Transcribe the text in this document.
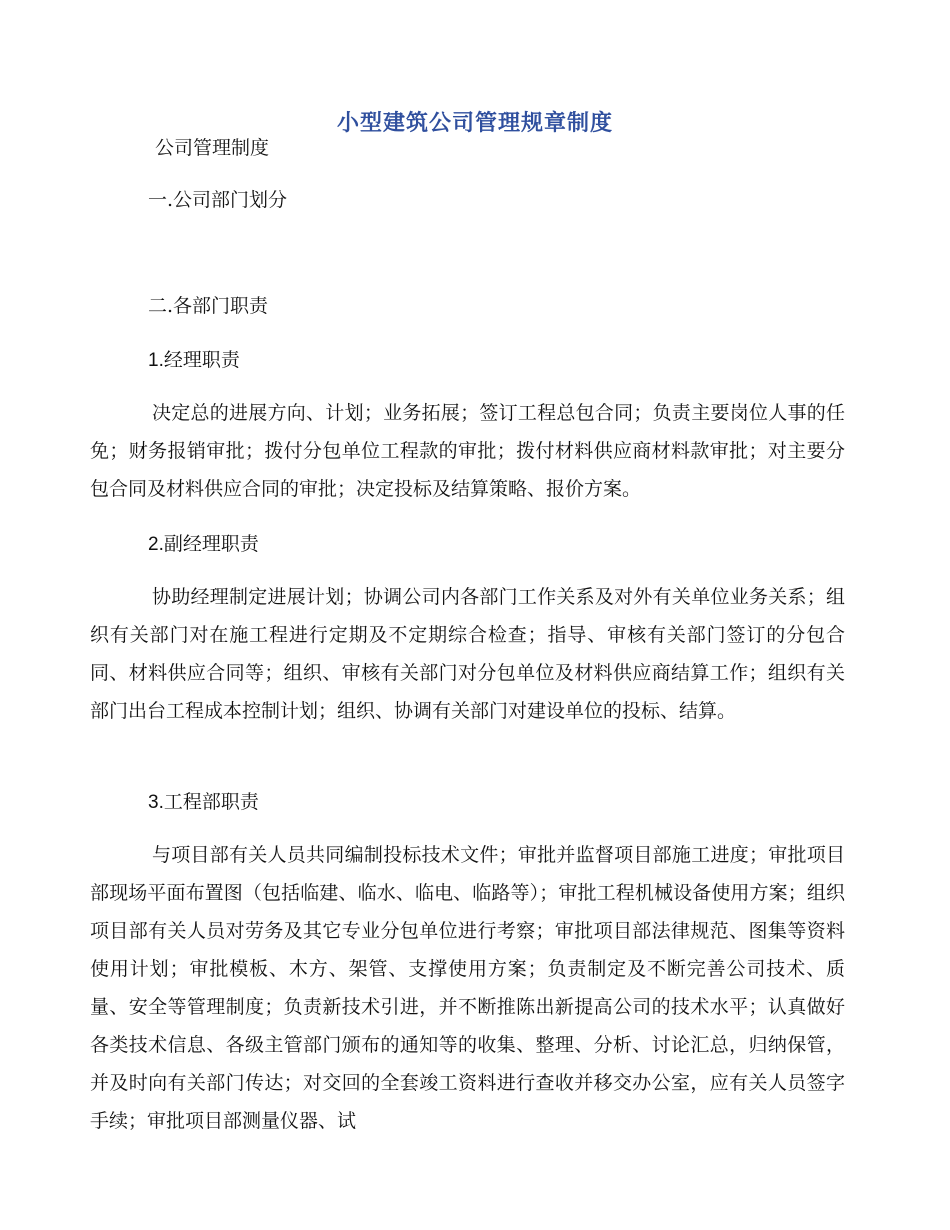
小型建筑公司管理规章制度
公司管理制度
一.公司部门划分
二.各部门职责
1.经理职责
决定总的进展方向、计划；业务拓展；签订工程总包合同；负责主要岗位人事的任免；财务报销审批；拨付分包单位工程款的审批；拨付材料供应商材料款审批；对主要分包合同及材料供应合同的审批；决定投标及结算策略、报价方案。
2.副经理职责
协助经理制定进展计划；协调公司内各部门工作关系及对外有关单位业务关系；组织有关部门对在施工程进行定期及不定期综合检查；指导、审核有关部门签订的分包合同、材料供应合同等；组织、审核有关部门对分包单位及材料供应商结算工作；组织有关部门出台工程成本控制计划；组织、协调有关部门对建设单位的投标、结算。
3.工程部职责
与项目部有关人员共同编制投标技术文件；审批并监督项目部施工进度；审批项目部现场平面布置图（包括临建、临水、临电、临路等）；审批工程机械设备使用方案；组织项目部有关人员对劳务及其它专业分包单位进行考察；审批项目部法律规范、图集等资料使用计划；审批模板、木方、架管、支撑使用方案；负责制定及不断完善公司技术、质量、安全等管理制度；负责新技术引进，并不断推陈出新提高公司的技术水平；认真做好各类技术信息、各级主管部门颁布的通知等的收集、整理、分析、讨论汇总，归纳保管，并及时向有关部门传达；对交回的全套竣工资料进行查收并移交办公室，应有关人员签字手续；审批项目部测量仪器、试
